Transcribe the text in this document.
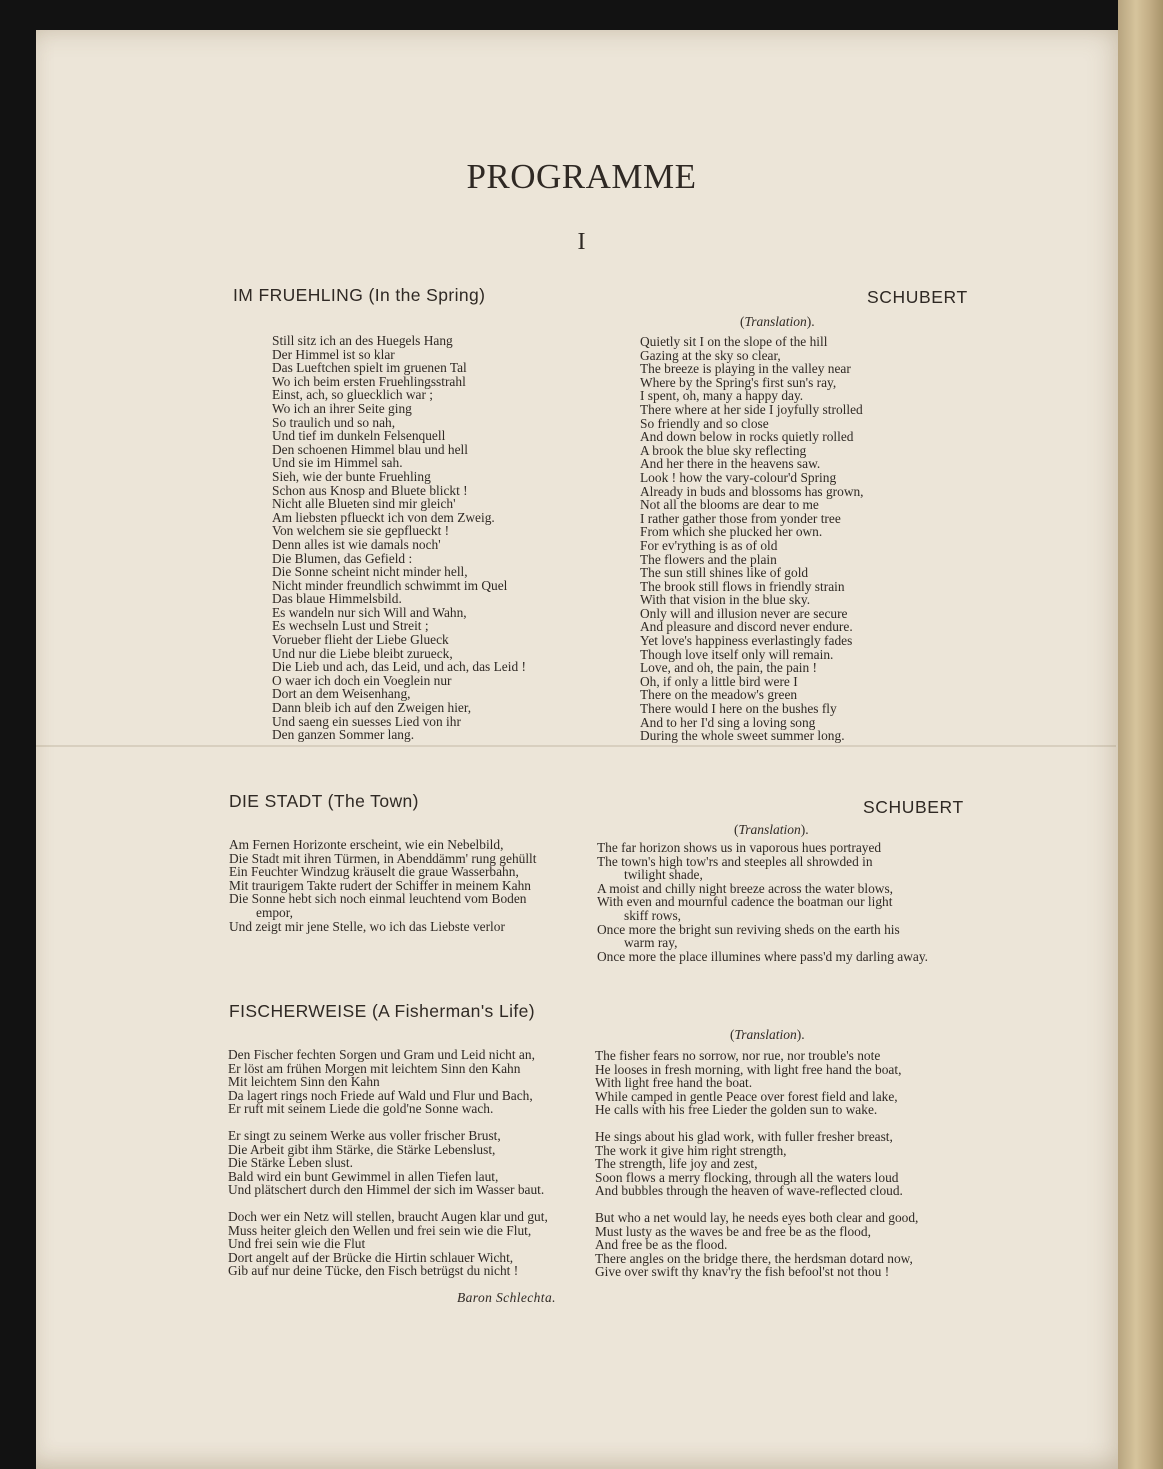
PROGRAMME
I
IM FRUEHLING (In the Spring)	SCHUBERT
(Translation).
Still sitz ich an des Huegels Hang
Der Himmel ist so klar
Das Lueftchen spielt im gruenen Tal
Wo ich beim ersten Fruehlingsstrahl
Einst, ach, so gluecklich war ;
Wo ich an ihrer Seite ging
So traulich und so nah,
Und tief im dunkeln Felsenquell
Den schoenen Himmel blau und hell
Und sie im Himmel sah.
Sieh, wie der bunte Fruehling
Schon aus Knosp and Bluete blickt !
Nicht alle Blueten sind mir gleich'
Am liebsten pflueckt ich von dem Zweig.
Von welchem sie sie gepflueckt !
Denn alles ist wie damals noch'
Die Blumen, das Gefield :
Die Sonne scheint nicht minder hell,
Nicht minder freundlich schwimmt im Quel
Das blaue Himmelsbild.
Es wandeln nur sich Will and Wahn,
Es wechseln Lust und Streit ;
Vorueber flieht der Liebe Glueck
Und nur die Liebe bleibt zurueck,
Die Lieb und ach, das Leid, und ach, das Leid !
O waer ich doch ein Voeglein nur
Dort an dem Weisenhang,
Dann bleib ich auf den Zweigen hier,
Und saeng ein suesses Lied von ihr
Den ganzen Sommer lang.
Quietly sit I on the slope of the hill
Gazing at the sky so clear,
The breeze is playing in the valley near
Where by the Spring's first sun's ray,
I spent, oh, many a happy day.
There where at her side I joyfully strolled
So friendly and so close
And down below in rocks quietly rolled
A brook the blue sky reflecting
And her there in the heavens saw.
Look ! how the vary-colour'd Spring
Already in buds and blossoms has grown,
Not all the blooms are dear to me
I rather gather those from yonder tree
From which she plucked her own.
For ev'rything is as of old
The flowers and the plain
The sun still shines like of gold
The brook still flows in friendly strain
With that vision in the blue sky.
Only will and illusion never are secure
And pleasure and discord never endure.
Yet love's happiness everlastingly fades
Though love itself only will remain.
Love, and oh, the pain, the pain !
Oh, if only a little bird were I
There on the meadow's green
There would I here on the bushes fly
And to her I'd sing a loving song
During the whole sweet summer long.
DIE STADT (The Town)	SCHUBERT
(Translation).
Am Fernen Horizonte erscheint, wie ein Nebelbild,
Die Stadt mit ihren Türmen, in Abenddämm' rung gehüllt
Ein Feuchter Windzug kräuselt die graue Wasserbahn,
Mit traurigem Takte rudert der Schiffer in meinem Kahn
Die Sonne hebt sich noch einmal leuchtend vom Boden
empor,
Und zeigt mir jene Stelle, wo ich das Liebste verlor
The far horizon shows us in vaporous hues portrayed
The town's high tow'rs and steeples all shrowded in
twilight shade,
A moist and chilly night breeze across the water blows,
With even and mournful cadence the boatman our light
skiff rows,
Once more the bright sun reviving sheds on the earth his
warm ray,
Once more the place illumines where pass'd my darling away.
FISCHERWEISE (A Fisherman's Life)
(Translation).
Den Fischer fechten Sorgen und Gram und Leid nicht an,
Er löst am frühen Morgen mit leichtem Sinn den Kahn
Mit leichtem Sinn den Kahn
Da lagert rings noch Friede auf Wald und Flur und Bach,
Er ruft mit seinem Liede die gold'ne Sonne wach.
Er singt zu seinem Werke aus voller frischer Brust,
Die Arbeit gibt ihm Stärke, die Stärke Lebenslust,
Die Stärke Leben slust.
Bald wird ein bunt Gewimmel in allen Tiefen laut,
Und plätschert durch den Himmel der sich im Wasser baut.
Doch wer ein Netz will stellen, braucht Augen klar und gut,
Muss heiter gleich den Wellen und frei sein wie die Flut,
Und frei sein wie die Flut
Dort angelt auf der Brücke die Hirtin schlauer Wicht,
Gib auf nur deine Tücke, den Fisch betrügst du nicht !
The fisher fears no sorrow, nor rue, nor trouble's note
He looses in fresh morning, with light free hand the boat,
With light free hand the boat.
While camped in gentle Peace over forest field and lake,
He calls with his free Lieder the golden sun to wake.
He sings about his glad work, with fuller fresher breast,
The work it give him right strength,
The strength, life joy and zest,
Soon flows a merry flocking, through all the waters loud
And bubbles through the heaven of wave-reflected cloud.
But who a net would lay, he needs eyes both clear and good,
Must lusty as the waves be and free be as the flood,
And free be as the flood.
There angles on the bridge there, the herdsman dotard now,
Give over swift thy knav'ry the fish befool'st not thou !
Baron Schlechta.
